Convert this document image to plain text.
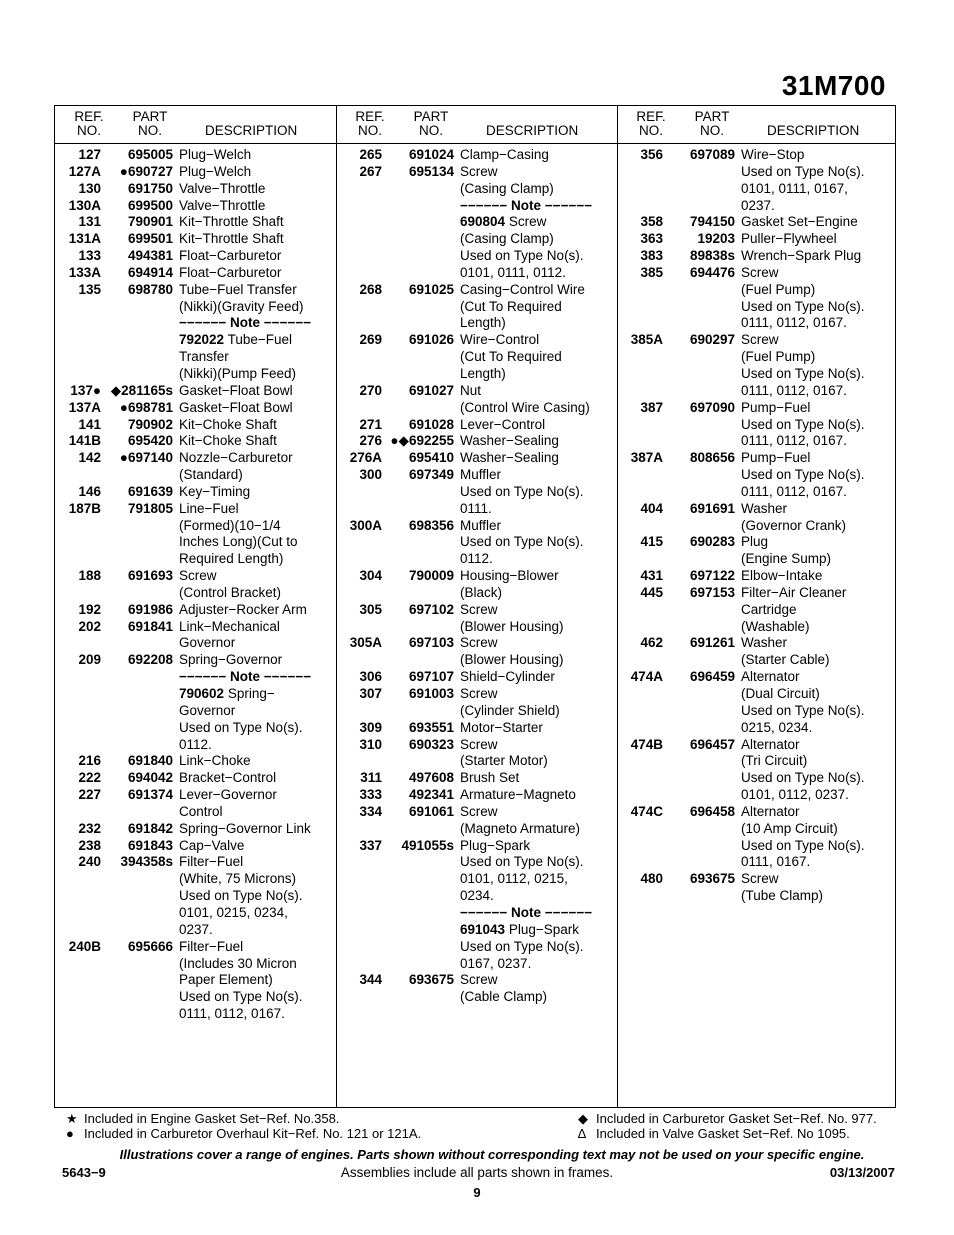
31M700
REF.
NO.
PART
NO.	DESCRIPTION
127	695005 Plug−Welch
127A	●690727 Plug−Welch
130	691750 Valve−Throttle
130A	699500 Valve−Throttle
131	790901 Kit−Throttle Shaft
131A	699501 Kit−Throttle Shaft
133	494381 Float−Carburetor
133A	694914 Float−Carburetor
135	698780 Tube−Fuel Transfer
(Nikki)(Gravity Feed)
−−−−−− Note −−−−−−
792022 Tube−Fuel
Transfer
(Nikki)(Pump Feed)
137● ◆281165s Gasket−Float Bowl
137A	●698781 Gasket−Float Bowl
141	790902 Kit−Choke Shaft
141B	695420 Kit−Choke Shaft
142	●697140 Nozzle−Carburetor
(Standard)
146	691639 Key−Timing
187B	791805 Line−Fuel
(Formed)(10−1/4
Inches Long)(Cut to
Required Length)
188	691693 Screw
(Control Bracket)
192	691986 Adjuster−Rocker Arm
202	691841 Link−Mechanical
Governor
209	692208 Spring−Governor
−−−−−− Note −−−−−−
790602 Spring−
Governor
Used on Type No(s).
0112.
216	691840 Link−Choke
222	694042 Bracket−Control
227	691374 Lever−Governor
Control
232	691842 Spring−Governor Link
238	691843 Cap−Valve
240	394358s Filter−Fuel
(White, 75 Microns)
Used on Type No(s).
0101, 0215, 0234,
0237.
240B	695666 Filter−Fuel
(Includes 30 Micron
Paper Element)
Used on Type No(s).
0111, 0112, 0167.
REF.
NO.
PART
NO.	DESCRIPTION
265	691024 Clamp−Casing
267	695134 Screw
(Casing Clamp)
−−−−−− Note −−−−−−
690804 Screw
(Casing Clamp)
Used on Type No(s).
0101, 0111, 0112.
268	691025 Casing−Control Wire
(Cut To Required
Length)
269	691026 Wire−Control
(Cut To Required
Length)
270	691027 Nut
(Control Wire Casing)
271	691028 Lever−Control
276 ●◆692255 Washer−Sealing
276A	695410 Washer−Sealing
300	697349 Muffler
Used on Type No(s).
0111.
300A	698356 Muffler
Used on Type No(s).
0112.
304	790009 Housing−Blower
(Black)
305	697102 Screw
(Blower Housing)
305A	697103 Screw
(Blower Housing)
306	697107 Shield−Cylinder
307	691003 Screw
(Cylinder Shield)
309	693551 Motor−Starter
310	690323 Screw
(Starter Motor)
311	497608 Brush Set
333	492341 Armature−Magneto
334	691061 Screw
(Magneto Armature)
337	491055s Plug−Spark
Used on Type No(s).
0101, 0112, 0215,
0234.
−−−−−− Note −−−−−−
691043 Plug−Spark
Used on Type No(s).
0167, 0237.
344	693675 Screw
(Cable Clamp)
REF.
NO.
PART
NO.	DESCRIPTION
356	697089 Wire−Stop
Used on Type No(s).
0101, 0111, 0167,
0237.
358	794150 Gasket Set−Engine
363	19203 Puller−Flywheel
383	89838s Wrench−Spark Plug
385	694476 Screw
(Fuel Pump)
Used on Type No(s).
0111, 0112, 0167.
385A	690297 Screw
(Fuel Pump)
Used on Type No(s).
0111, 0112, 0167.
387	697090 Pump−Fuel
Used on Type No(s).
0111, 0112, 0167.
387A	808656 Pump−Fuel
Used on Type No(s).
0111, 0112, 0167.
404	691691 Washer
(Governor Crank)
415	690283 Plug
(Engine Sump)
431	697122 Elbow−Intake
445	697153 Filter−Air Cleaner
Cartridge
(Washable)
462	691261 Washer
(Starter Cable)
474A	696459 Alternator
(Dual Circuit)
Used on Type No(s).
0215, 0234.
474B	696457 Alternator
(Tri Circuit)
Used on Type No(s).
0101, 0112, 0237.
474C	696458 Alternator
(10 Amp Circuit)
Used on Type No(s).
0111, 0167.
480	693675 Screw
(Tube Clamp)
★ Included in Engine Gasket Set−Ref. No.358.
● Included in Carburetor Overhaul Kit−Ref. No. 121 or 121A.
◆ Included in Carburetor Gasket Set−Ref. No. 977.
∆ Included in Valve Gasket Set−Ref. No 1095.
Illustrations cover a range of engines. Parts shown without corresponding text may not be used on your specific engine.
5643−9	Assemblies include all parts shown in frames.	03/13/2007
9
